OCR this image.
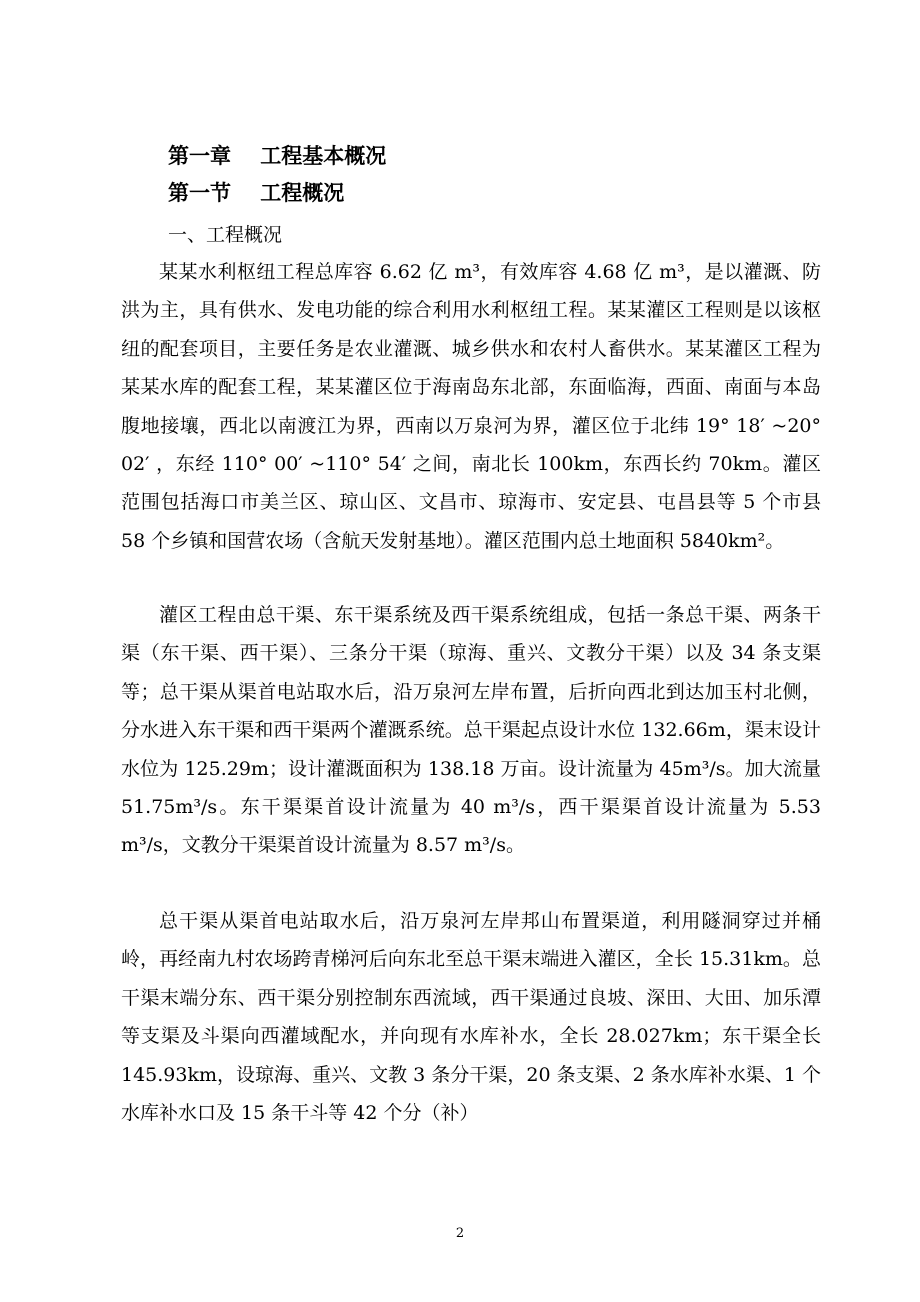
第一章    工程基本概况
第一节    工程概况
一、工程概况

某某水利枢纽工程总库容 6.62 亿 m³，有效库容 4.68 亿 m³，是以灌溉、防洪为主，具有供水、发电功能的综合利用水利枢纽工程。某某灌区工程则是以该枢纽的配套项目，主要任务是农业灌溉、城乡供水和农村人畜供水。某某灌区工程为某某水库的配套工程，某某灌区位于海南岛东北部，东面临海，西面、南面与本岛腹地接壤，西北以南渡江为界，西南以万泉河为界，灌区位于北纬 19° 18′ ~20° 02′ ，东经 110° 00′ ~110° 54′ 之间，南北长 100km，东西长约 70km。灌区范围包括海口市美兰区、琼山区、文昌市、琼海市、安定县、屯昌县等 5 个市县 58 个乡镇和国营农场（含航天发射基地）。灌区范围内总土地面积 5840km²。

灌区工程由总干渠、东干渠系统及西干渠系统组成，包括一条总干渠、两条干渠（东干渠、西干渠）、三条分干渠（琼海、重兴、文教分干渠）以及 34 条支渠等；总干渠从渠首电站取水后，沿万泉河左岸布置，后折向西北到达加玉村北侧，分水进入东干渠和西干渠两个灌溉系统。总干渠起点设计水位 132.66m，渠末设计水位为 125.29m；设计灌溉面积为 138.18 万亩。设计流量为 45m³/s。加大流量 51.75m³/s。东干渠渠首设计流量为 40 m³/s，西干渠渠首设计流量为 5.53 m³/s，文教分干渠渠首设计流量为 8.57 m³/s。

总干渠从渠首电站取水后，沿万泉河左岸邦山布置渠道，利用隧洞穿过并桶岭，再经南九村农场跨青梯河后向东北至总干渠末端进入灌区，全长 15.31km。总干渠末端分东、西干渠分别控制东西流域，西干渠通过良坡、深田、大田、加乐潭等支渠及斗渠向西灌域配水，并向现有水库补水，全长 28.027km；东干渠全长 145.93km，设琼海、重兴、文教 3 条分干渠，20 条支渠、2 条水库补水渠、1 个水库补水口及 15 条干斗等 42 个分（补）

2
